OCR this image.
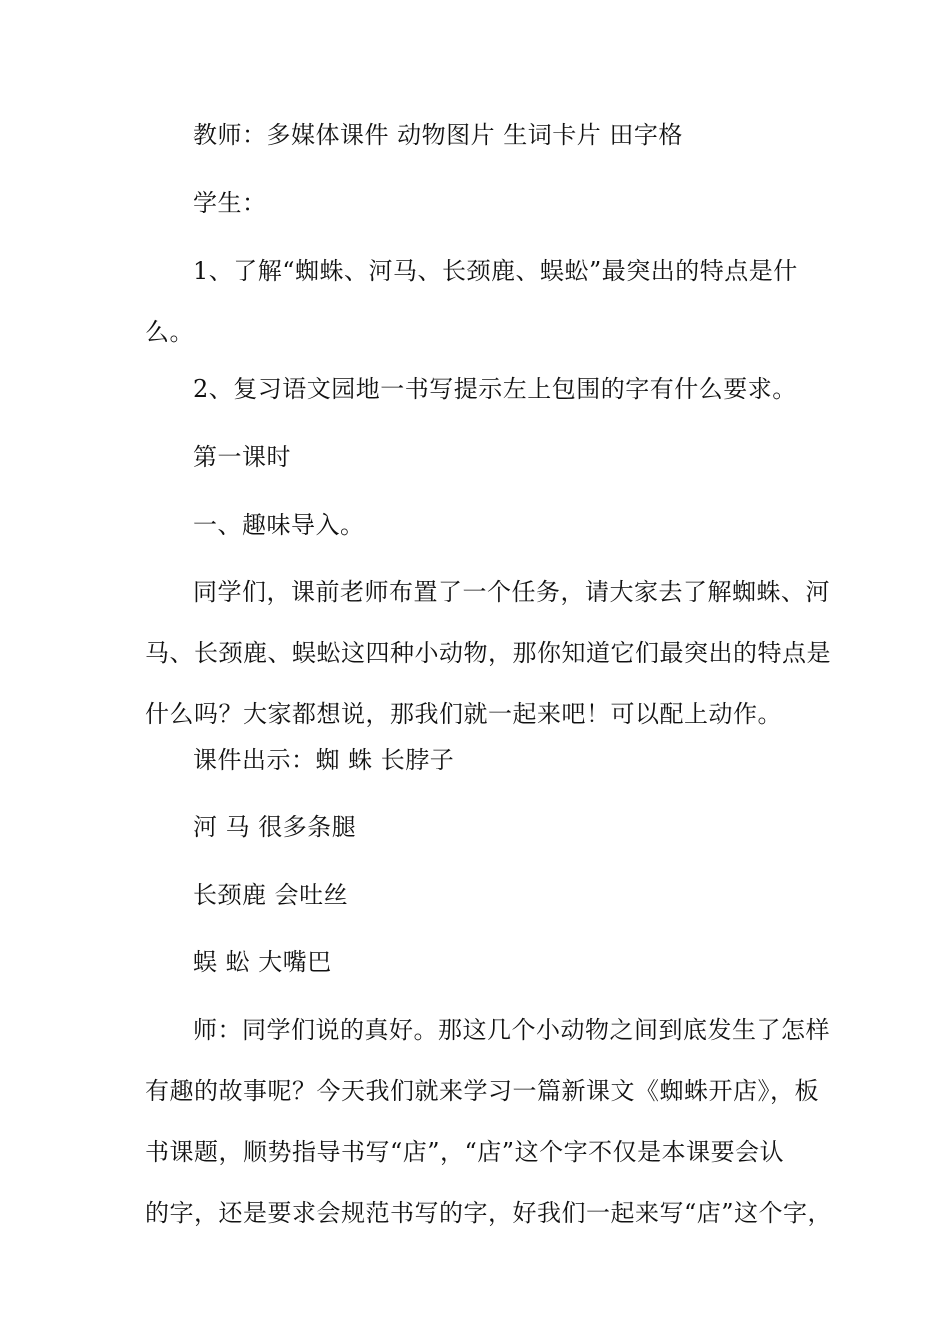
教师：多媒体课件 动物图片 生词卡片 田字格
学生：
1、了解“蜘蛛、河马、长颈鹿、蜈蚣”最突出的特点是什
么。
2、复习语文园地一书写提示左上包围的字有什么要求。
第一课时
一、趣味导入。
同学们，课前老师布置了一个任务，请大家去了解蜘蛛、河
马、长颈鹿、蜈蚣这四种小动物，那你知道它们最突出的特点是
什么吗？大家都想说，那我们就一起来吧！可以配上动作。
课件出示：蜘 蛛 长脖子
河 马 很多条腿
长颈鹿 会吐丝
蜈 蚣 大嘴巴
师：同学们说的真好。那这几个小动物之间到底发生了怎样
有趣的故事呢？今天我们就来学习一篇新课文《蜘蛛开店》，板
书课题，顺势指导书写“店”，“店”这个字不仅是本课要会认
的字，还是要求会规范书写的字，好我们一起来写“店”这个字，
